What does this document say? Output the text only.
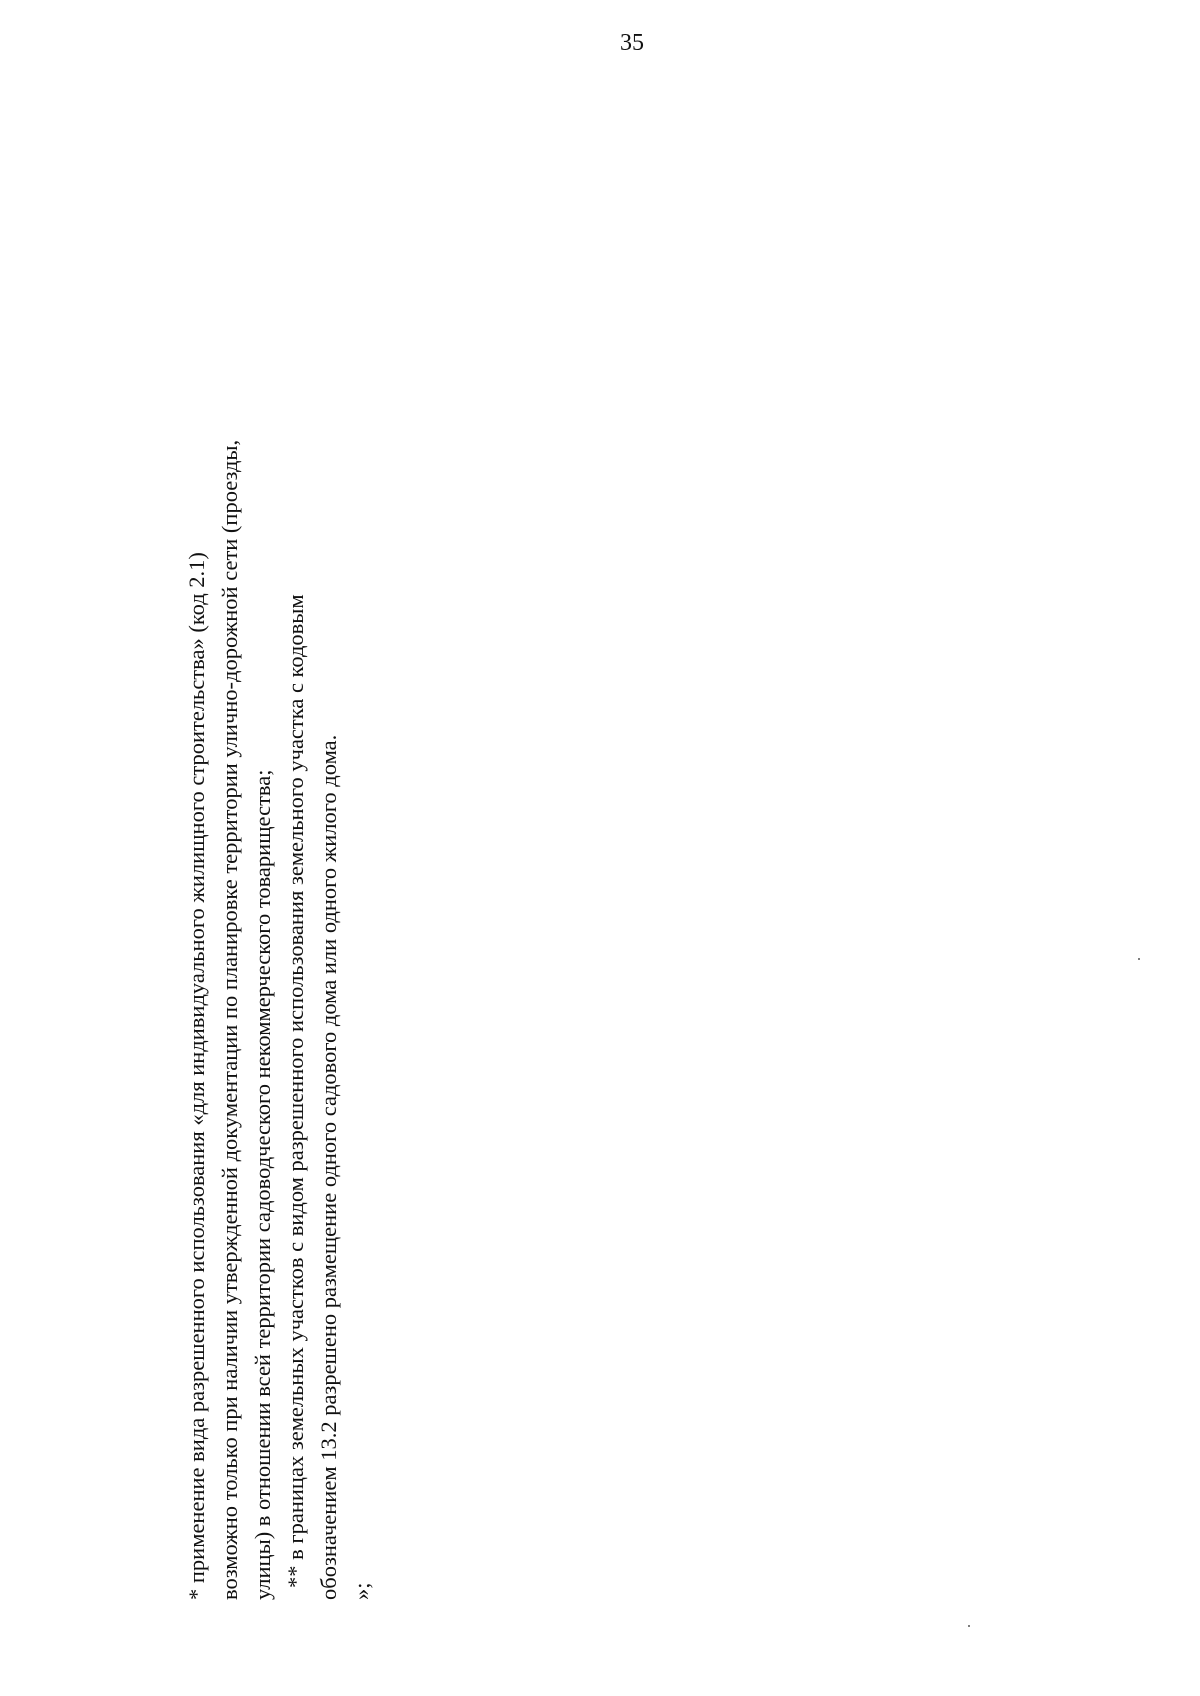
35

* применение вида разрешенного использования «для индивидуального жилищного строительства» (код 2.1) возможно только при наличии утвержденной документации по планировке территории улично-дорожной сети (проезды, улицы) в отношении всей территории садоводческого некоммерческого товарищества; ** в границах земельных участков с видом разрешенного использования земельного участка с кодовым обозначением 13.2 разрешено размещение одного садового дома или одного жилого дома. »;
